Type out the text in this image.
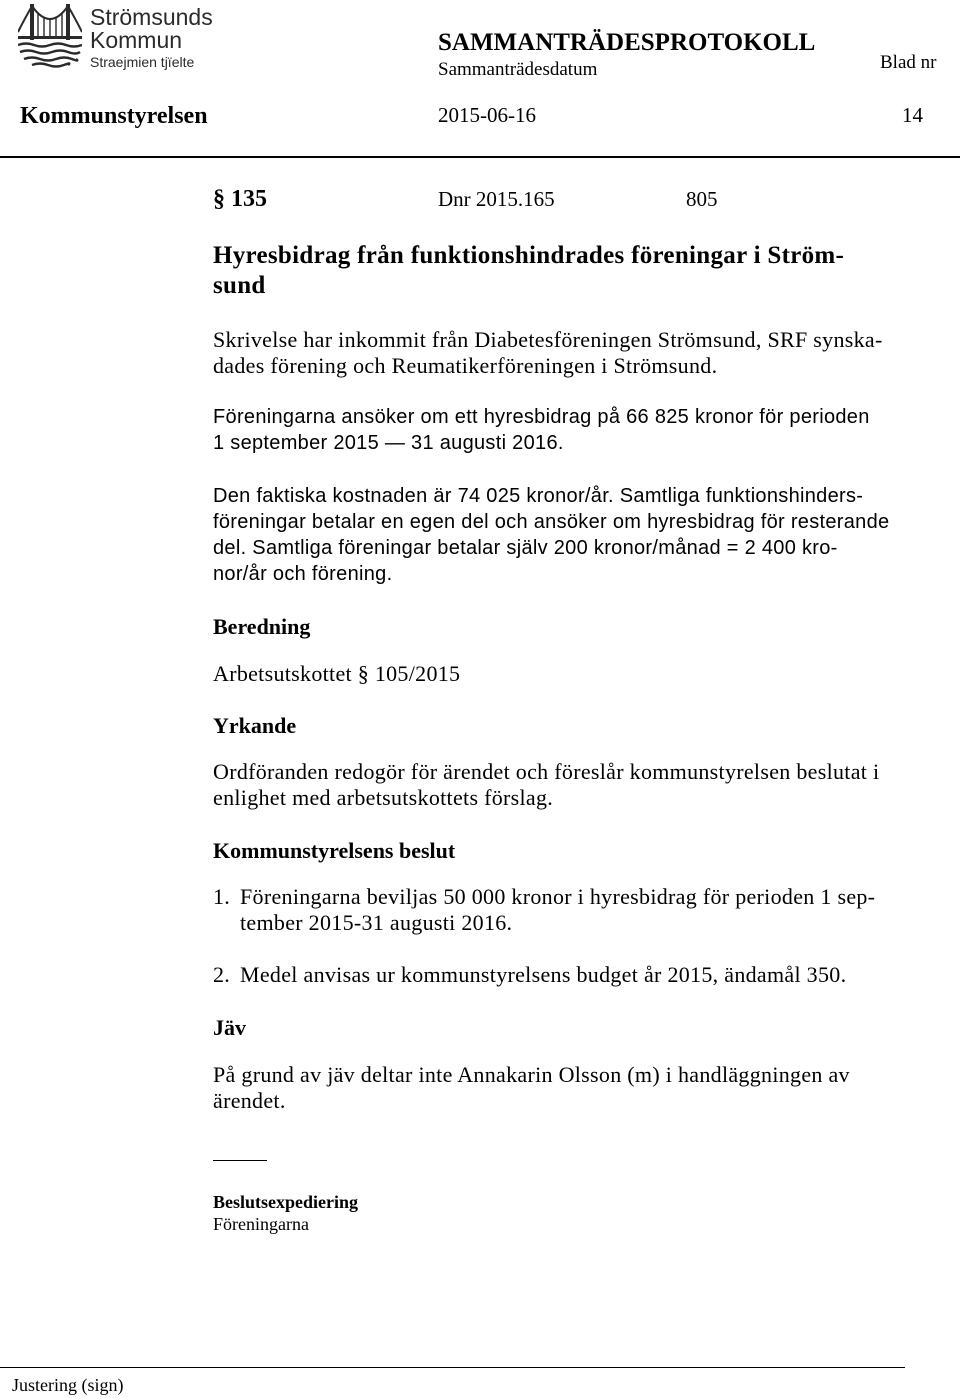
Strömsunds
Kommun
Straejmien tjïelte
SAMMANTRÄDESPROTOKOLL
Sammanträdesdatum	Blad nr
Kommunstyrelsen	2015-06-16	14
§ 135	Dnr 2015.165	805
Hyresbidrag från funktionshindrades föreningar i Ström-
sund
Skrivelse har inkommit från Diabetesföreningen Strömsund, SRF synska-
dades förening och Reumatikerföreningen i Strömsund.
Föreningarna ansöker om ett hyresbidrag på 66 825 kronor för perioden
1 september 2015 — 31 augusti 2016.
Den faktiska kostnaden är 74 025 kronor/år. Samtliga funktionshinders-
föreningar betalar en egen del och ansöker om hyresbidrag för resterande
del. Samtliga föreningar betalar själv 200 kronor/månad = 2 400 kro-
nor/år och förening.
Beredning
Arbetsutskottet § 105/2015
Yrkande
Ordföranden redogör för ärendet och föreslår kommunstyrelsen beslutat i
enlighet med arbetsutskottets förslag.
Kommunstyrelsens beslut
1. Föreningarna beviljas 50 000 kronor i hyresbidrag för perioden 1 sep-
tember 2015-31 augusti 2016.
2. Medel anvisas ur kommunstyrelsens budget år 2015, ändamål 350.
Jäv
På grund av jäv deltar inte Annakarin Olsson (m) i handläggningen av
ärendet.
Beslutsexpediering
Föreningarna
Justering (sign)
